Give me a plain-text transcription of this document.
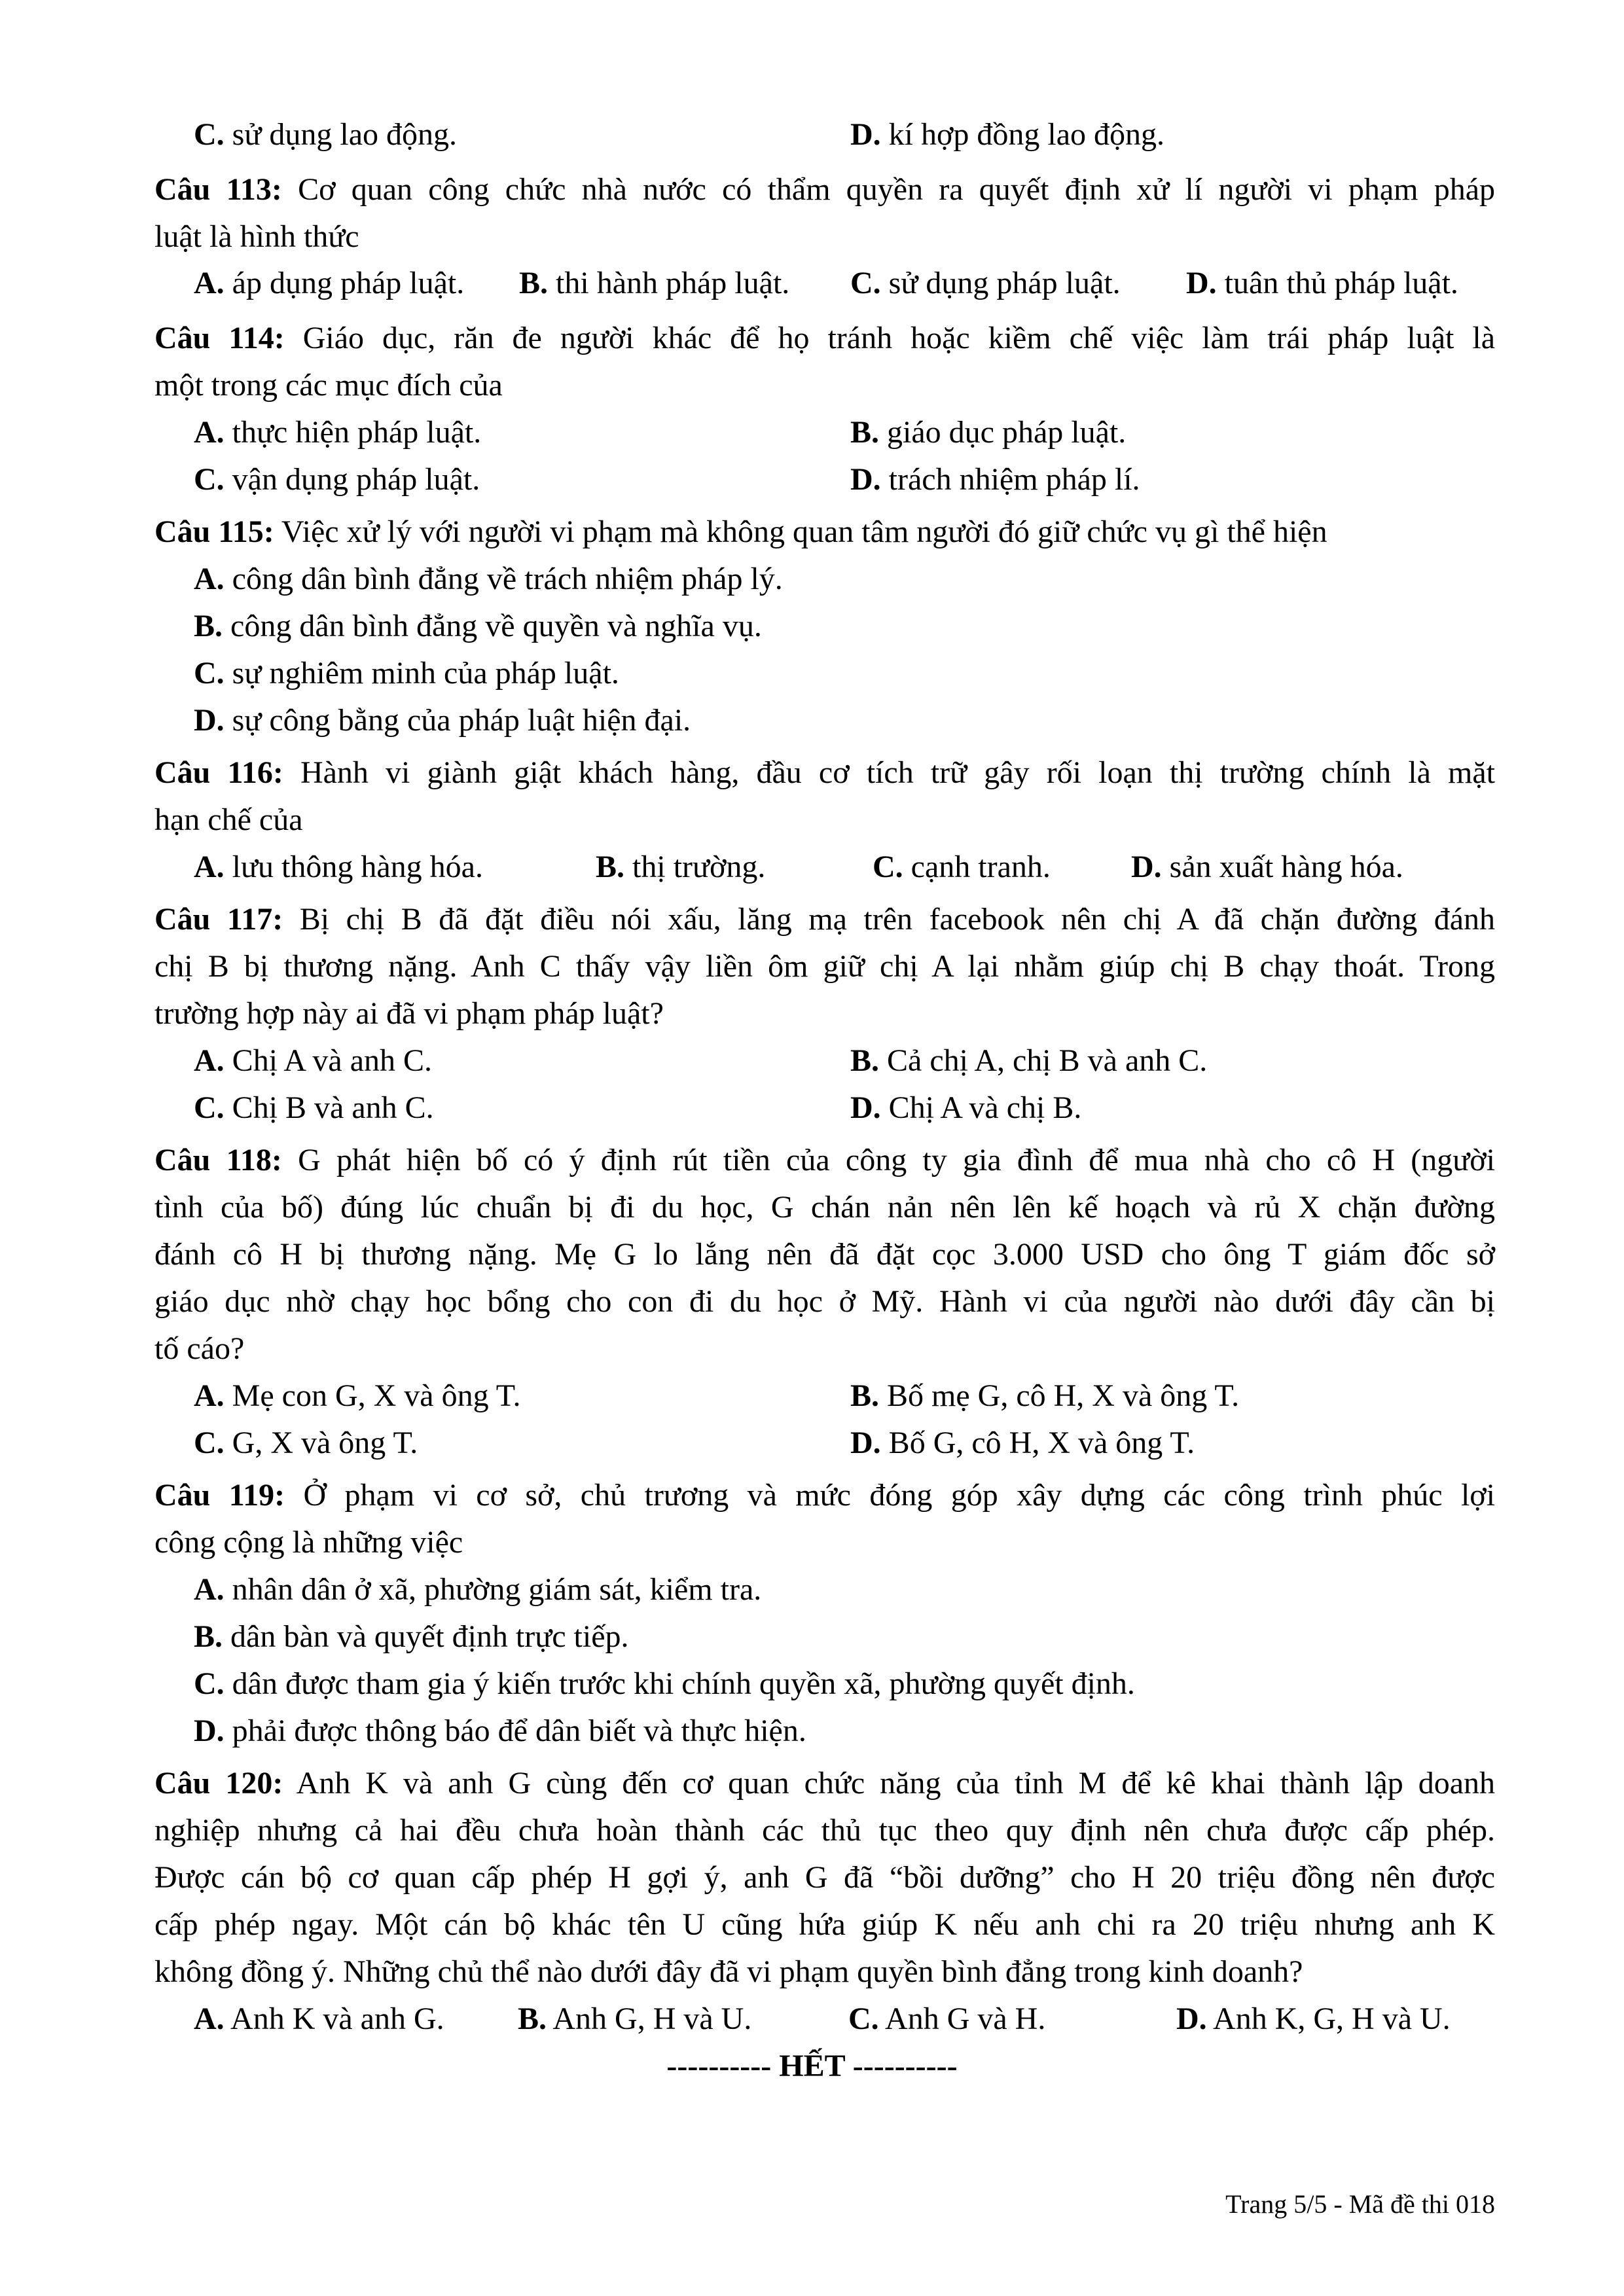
C. sử dụng lao động.	D. kí hợp đồng lao động.
Câu 113: Cơ quan công chức nhà nước có thẩm quyền ra quyết định xử lí người vi phạm pháp
luật là hình thức
A. áp dụng pháp luật. B. thi hành pháp luật. C. sử dụng pháp luật. D. tuân thủ pháp luật.
Câu 114: Giáo dục, răn đe người khác để họ tránh hoặc kiềm chế việc làm trái pháp luật là
một trong các mục đích của
A. thực hiện pháp luật.	B. giáo dục pháp luật.
C. vận dụng pháp luật.	D. trách nhiệm pháp lí.
Câu 115: Việc xử lý với người vi phạm mà không quan tâm người đó giữ chức vụ gì thể hiện
A. công dân bình đẳng về trách nhiệm pháp lý.
B. công dân bình đẳng về quyền và nghĩa vụ.
C. sự nghiêm minh của pháp luật.
D. sự công bằng của pháp luật hiện đại.
Câu 116: Hành vi giành giật khách hàng, đầu cơ tích trữ gây rối loạn thị trường chính là mặt
hạn chế của
A. lưu thông hàng hóa.	B. thị trường.	C. cạnh tranh.	D. sản xuất hàng hóa.
Câu 117: Bị chị B đã đặt điều nói xấu, lăng mạ trên facebook nên chị A đã chặn đường đánh
chị B bị thương nặng. Anh C thấy vậy liền ôm giữ chị A lại nhằm giúp chị B chạy thoát. Trong
trường hợp này ai đã vi phạm pháp luật?
A. Chị A và anh C.	B. Cả chị A, chị B và anh C.
C. Chị B và anh C.	D. Chị A và chị B.
Câu 118: G phát hiện bố có ý định rút tiền của công ty gia đình để mua nhà cho cô H (người
tình của bố) đúng lúc chuẩn bị đi du học, G chán nản nên lên kế hoạch và rủ X chặn đường
đánh cô H bị thương nặng. Mẹ G lo lắng nên đã đặt cọc 3.000 USD cho ông T giám đốc sở
giáo dục nhờ chạy học bổng cho con đi du học ở Mỹ. Hành vi của người nào dưới đây cần bị
tố cáo?
A. Mẹ con G, X và ông T.	B. Bố mẹ G, cô H, X và ông T.
C. G, X và ông T.	D. Bố G, cô H, X và ông T.
Câu 119: Ở phạm vi cơ sở, chủ trương và mức đóng góp xây dựng các công trình phúc lợi
công cộng là những việc
A. nhân dân ở xã, phường giám sát, kiểm tra.
B. dân bàn và quyết định trực tiếp.
C. dân được tham gia ý kiến trước khi chính quyền xã, phường quyết định.
D. phải được thông báo để dân biết và thực hiện.
Câu 120: Anh K và anh G cùng đến cơ quan chức năng của tỉnh M để kê khai thành lập doanh
nghiệp nhưng cả hai đều chưa hoàn thành các thủ tục theo quy định nên chưa được cấp phép.
Được cán bộ cơ quan cấp phép H gợi ý, anh G đã “bồi dưỡng” cho H 20 triệu đồng nên được
cấp phép ngay. Một cán bộ khác tên U cũng hứa giúp K nếu anh chi ra 20 triệu nhưng anh K
không đồng ý. Những chủ thể nào dưới đây đã vi phạm quyền bình đẳng trong kinh doanh?
A. Anh K và anh G. B. Anh G, H và U.	C. Anh G và H.	D. Anh K, G, H và U.
---------- HẾT ----------
Trang 5/5 - Mã đề thi 018
